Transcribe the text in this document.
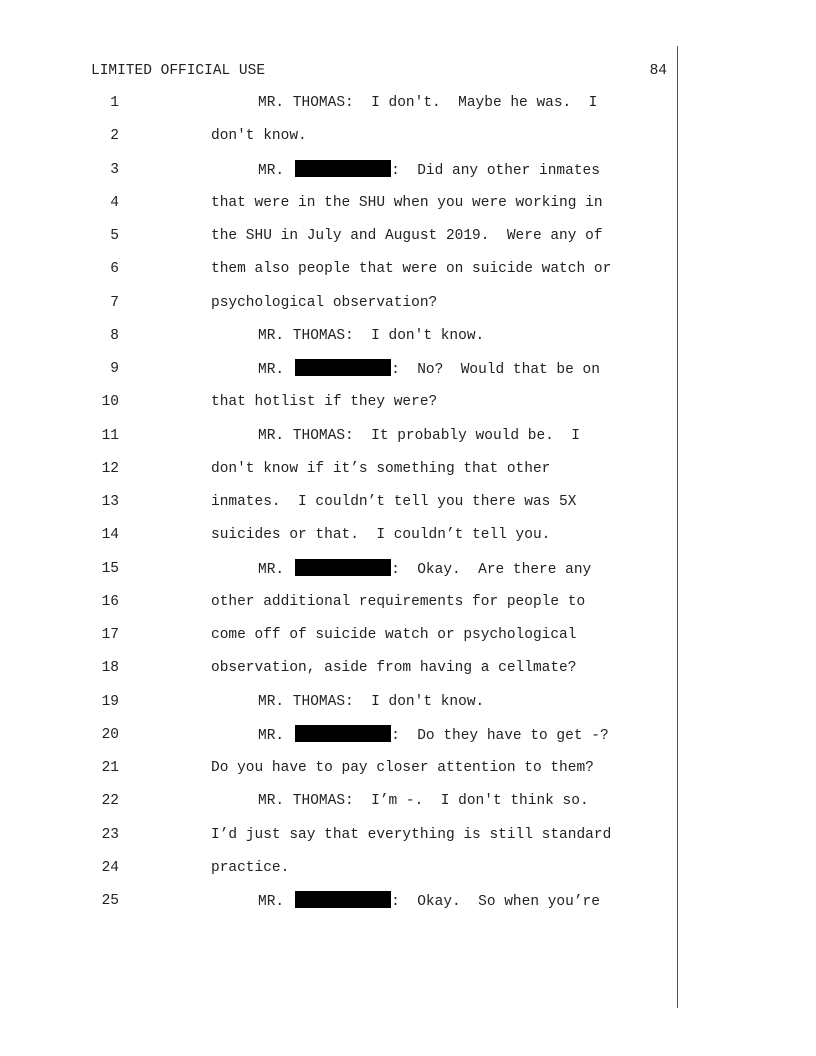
LIMITED OFFICIAL USE	84
1	MR. THOMAS:  I don't.  Maybe he was.  I
2	don't know.
3	MR.	:  Did any other inmates
4	that were in the SHU when you were working in
5	the SHU in July and August 2019.  Were any of
6	them also people that were on suicide watch or
7	psychological observation?
8	MR. THOMAS:  I don't know.
9	MR.	:  No?  Would that be on
10	that hotlist if they were?
11	MR. THOMAS:  It probably would be.  I
12	don't know if it’s something that other
13	inmates.  I couldn’t tell you there was 5X
14	suicides or that.  I couldn’t tell you.
15	MR.	:  Okay.  Are there any
16	other additional requirements for people to
17	come off of suicide watch or psychological
18	observation, aside from having a cellmate?
19	MR. THOMAS:  I don't know.
20	MR.	:  Do they have to get -?
21	Do you have to pay closer attention to them?
22	MR. THOMAS:  I’m -.  I don't think so.
23	I’d just say that everything is still standard
24	practice.
25	MR.	:  Okay.  So when you’re
